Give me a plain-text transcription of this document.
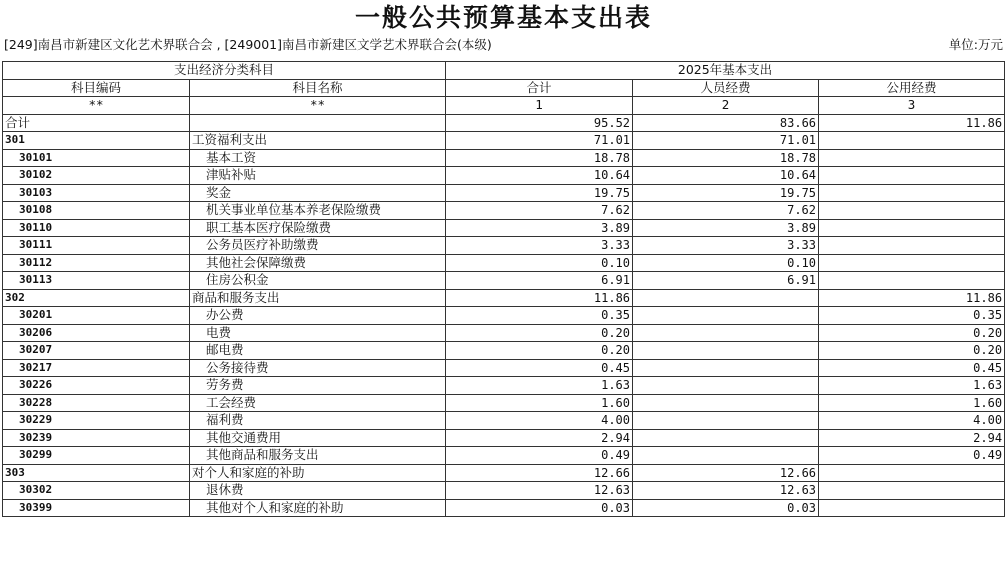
一般公共预算基本支出表
[249]南昌市新建区文化艺术界联合会 , [249001]南昌市新建区文学艺术界联合会(本级)	单位:万元
支出经济分类科目		2025年基本支出		
科目编码	科目名称	合计	人员经费	公用经费
**	**	1	2	3
合计		95.52	83.66	11.86
301	工资福利支出	71.01	71.01	
30101	基本工资	18.78	18.78	
30102	津贴补贴	10.64	10.64	
30103	奖金	19.75	19.75	
30108	机关事业单位基本养老保险缴费	7.62	7.62	
30110	职工基本医疗保险缴费	3.89	3.89	
30111	公务员医疗补助缴费	3.33	3.33	
30112	其他社会保障缴费	0.10	0.10	
30113	住房公积金	6.91	6.91	
302	商品和服务支出	11.86		11.86
30201	办公费	0.35		0.35
30206	电费	0.20		0.20
30207	邮电费	0.20		0.20
30217	公务接待费	0.45		0.45
30226	劳务费	1.63		1.63
30228	工会经费	1.60		1.60
30229	福利费	4.00		4.00
30239	其他交通费用	2.94		2.94
30299	其他商品和服务支出	0.49		0.49
303	对个人和家庭的补助	12.66	12.66	
30302	退休费	12.63	12.63	
30399	其他对个人和家庭的补助	0.03	0.03	
